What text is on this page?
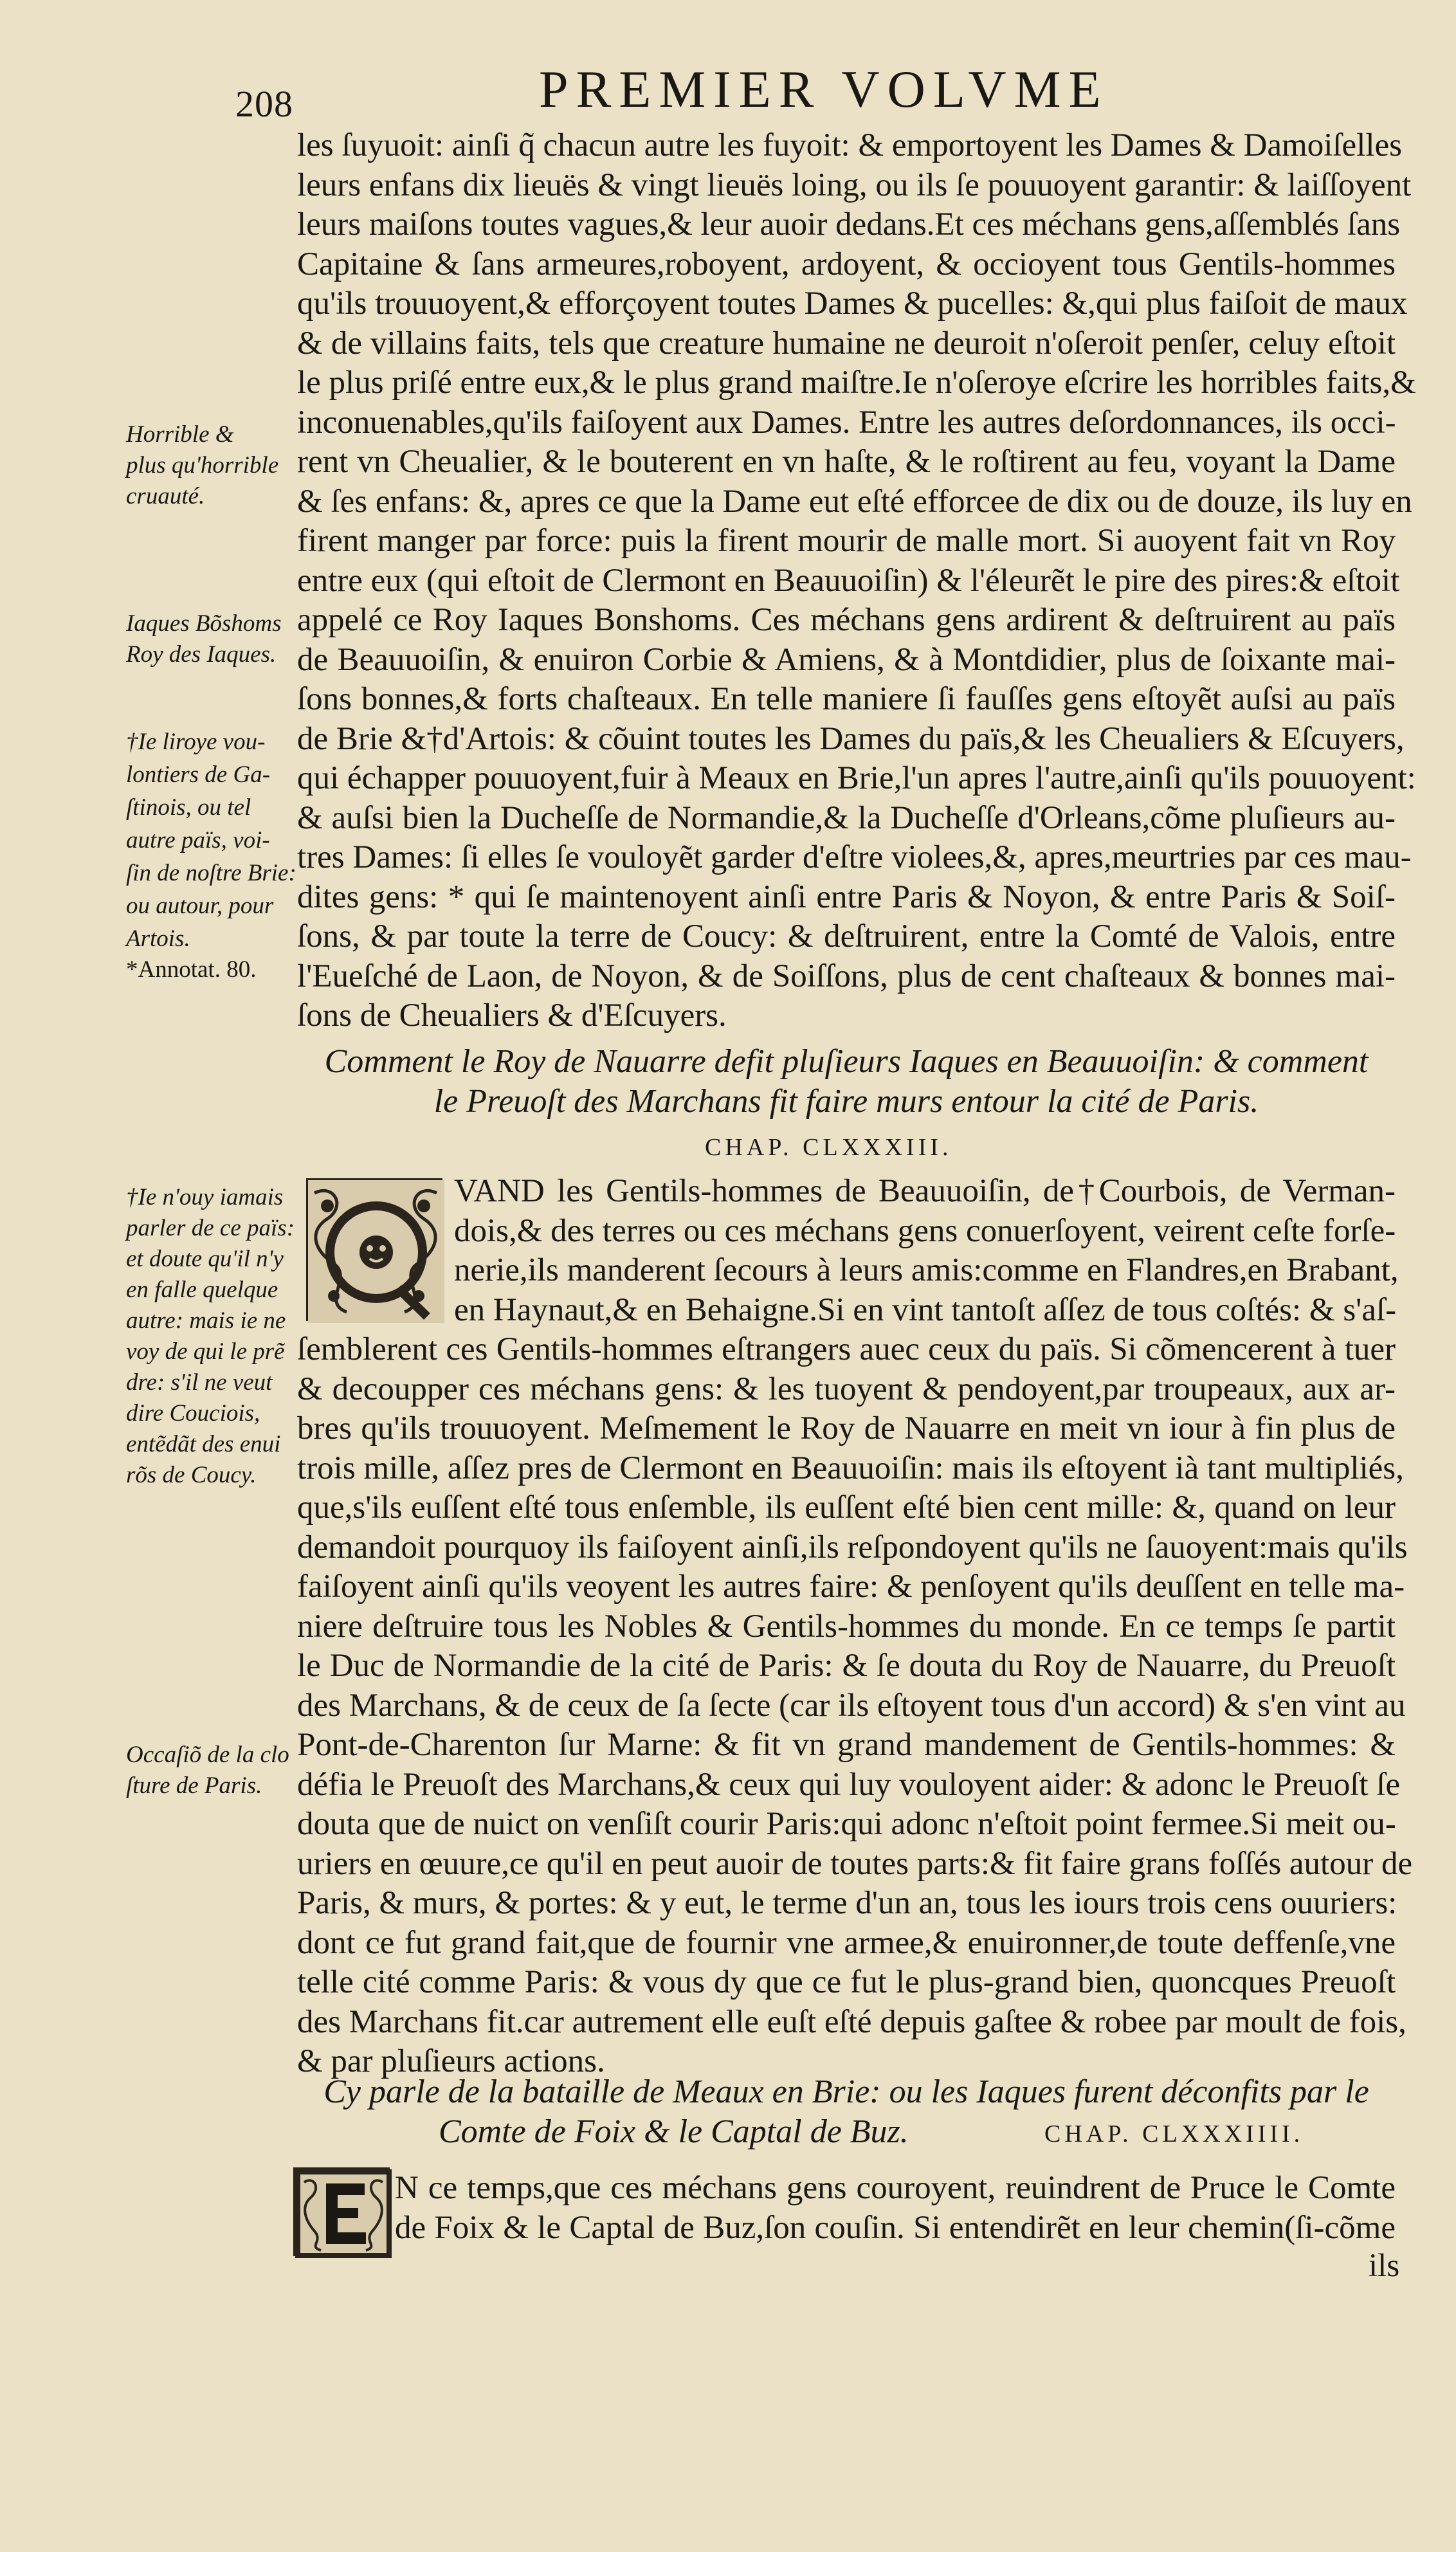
208	PREMIER VOLVME
les ſuyuoit: ainſi q̃ chacun autre les fuyoit: & emportoyent les Dames & Damoiſelles
leurs enfans dix lieuës & vingt lieuës loing, ou ils ſe pouuoyent garantir: & laiſſoyent
leurs maiſons toutes vagues,& leur auoir dedans.Et ces méchans gens,aſſemblés ſans
Capitaine & ſans armeures,roboyent, ardoyent, & occioyent tous Gentils-hommes
qu'ils trouuoyent,& efforçoyent toutes Dames & pucelles: &,qui plus faiſoit de maux
& de villains faits, tels que creature humaine ne deuroit n'oſeroit penſer, celuy eſtoit
le plus priſé entre eux,& le plus grand maiſtre.Ie n'oſeroye eſcrire les horribles faits,&
inconuenables,qu'ils faiſoyent aux Dames. Entre les autres deſordonnances, ils occi-
rent vn Cheualier, & le bouterent en vn haſte, & le roſtirent au feu, voyant la Dame
& ſes enfans: &, apres ce que la Dame eut eſté efforcee de dix ou de douze, ils luy en
firent manger par force: puis la firent mourir de malle mort. Si auoyent fait vn Roy
entre eux (qui eſtoit de Clermont en Beauuoiſin) & l'éleurẽt le pire des pires:& eſtoit
appelé ce Roy Iaques Bonshoms. Ces méchans gens ardirent & deſtruirent au païs
de Beauuoiſin, & enuiron Corbie & Amiens, & à Montdidier, plus de ſoixante mai-
ſons bonnes,& forts chaſteaux. En telle maniere ſi fauſſes gens eſtoyẽt auſsi au païs
de Brie &†d'Artois: & cõuint toutes les Dames du païs,& les Cheualiers & Eſcuyers,
qui échapper pouuoyent,fuir à Meaux en Brie,l'un apres l'autre,ainſi qu'ils pouuoyent:
& auſsi bien la Ducheſſe de Normandie,& la Ducheſſe d'Orleans,cõme pluſieurs au-
tres Dames: ſi elles ſe vouloyẽt garder d'eſtre violees,&, apres,meurtries par ces mau-
dites gens: * qui ſe maintenoyent ainſi entre Paris & Noyon, & entre Paris & Soiſ-
ſons, & par toute la terre de Coucy: & deſtruirent, entre la Comté de Valois, entre
l'Eueſché de Laon, de Noyon, & de Soiſſons, plus de cent chaſteaux & bonnes mai-
ſons de Cheualiers & d'Eſcuyers.
Horrible &
plus qu'horrible
cruauté.
Iaques Bõshoms
Roy des Iaques.
†Ie liroye vou-
lontiers de Ga-
ſtinois, ou tel
autre païs, voi-
ſin de noſtre Brie:
ou autour, pour
Artois.
*Annotat. 80.
†Ie n'ouy iamais
parler de ce païs:
et doute qu'il n'y
en falle quelque
autre: mais ie ne
voy de qui le prẽ
dre: s'il ne veut
dire Couciois,
entẽdãt des enui
rõs de Coucy.
Occaſiõ de la clo
ſture de Paris.
Comment le Roy de Nauarre defit pluſieurs Iaques en Beauuoiſin: & comment
le Preuoſt des Marchans fit faire murs entour la cité de Paris.
CHAP. CLXXXIII.
VAND les Gentils-hommes de Beauuoiſin, de†Courbois, de Verman-
dois,& des terres ou ces méchans gens conuerſoyent, veirent ceſte forſe-
nerie,ils manderent ſecours à leurs amis:comme en Flandres,en Brabant,
en Haynaut,& en Behaigne.Si en vint tantoſt aſſez de tous coſtés: & s'aſ-
ſemblerent ces Gentils-hommes eſtrangers auec ceux du païs. Si cõmencerent à tuer
& decoupper ces méchans gens: & les tuoyent & pendoyent,par troupeaux, aux ar-
bres qu'ils trouuoyent. Meſmement le Roy de Nauarre en meit vn iour à fin plus de
trois mille, aſſez pres de Clermont en Beauuoiſin: mais ils eſtoyent ià tant multipliés,
que,s'ils euſſent eſté tous enſemble, ils euſſent eſté bien cent mille: &, quand on leur
demandoit pourquoy ils faiſoyent ainſi,ils reſpondoyent qu'ils ne ſauoyent:mais qu'ils
faiſoyent ainſi qu'ils veoyent les autres faire: & penſoyent qu'ils deuſſent en telle ma-
niere deſtruire tous les Nobles & Gentils-hommes du monde. En ce temps ſe partit
le Duc de Normandie de la cité de Paris: & ſe douta du Roy de Nauarre, du Preuoſt
des Marchans, & de ceux de ſa ſecte (car ils eſtoyent tous d'un accord) & s'en vint au
Pont-de-Charenton ſur Marne: & fit vn grand mandement de Gentils-hommes: &
défia le Preuoſt des Marchans,& ceux qui luy vouloyent aider: & adonc le Preuoſt ſe
douta que de nuict on venſiſt courir Paris:qui adonc n'eſtoit point fermee.Si meit ou-
uriers en œuure,ce qu'il en peut auoir de toutes parts:& fit faire grans foſſés autour de
Paris, & murs, & portes: & y eut, le terme d'un an, tous les iours trois cens ouuriers:
dont ce fut grand fait,que de fournir vne armee,& enuironner,de toute deffenſe,vne
telle cité comme Paris: & vous dy que ce fut le plus-grand bien, quoncques Preuoſt
des Marchans fit.car autrement elle euſt eſté depuis gaſtee & robee par moult de fois,
& par pluſieurs actions.
Cy parle de la bataille de Meaux en Brie: ou les Iaques furent déconfits par le
Comte de Foix & le Captal de Buz.	CHAP. CLXXXIIII.
N ce temps,que ces méchans gens couroyent, reuindrent de Pruce le Comte
de Foix & le Captal de Buz,ſon couſin. Si entendirẽt en leur chemin(ſi-cõme
ils
